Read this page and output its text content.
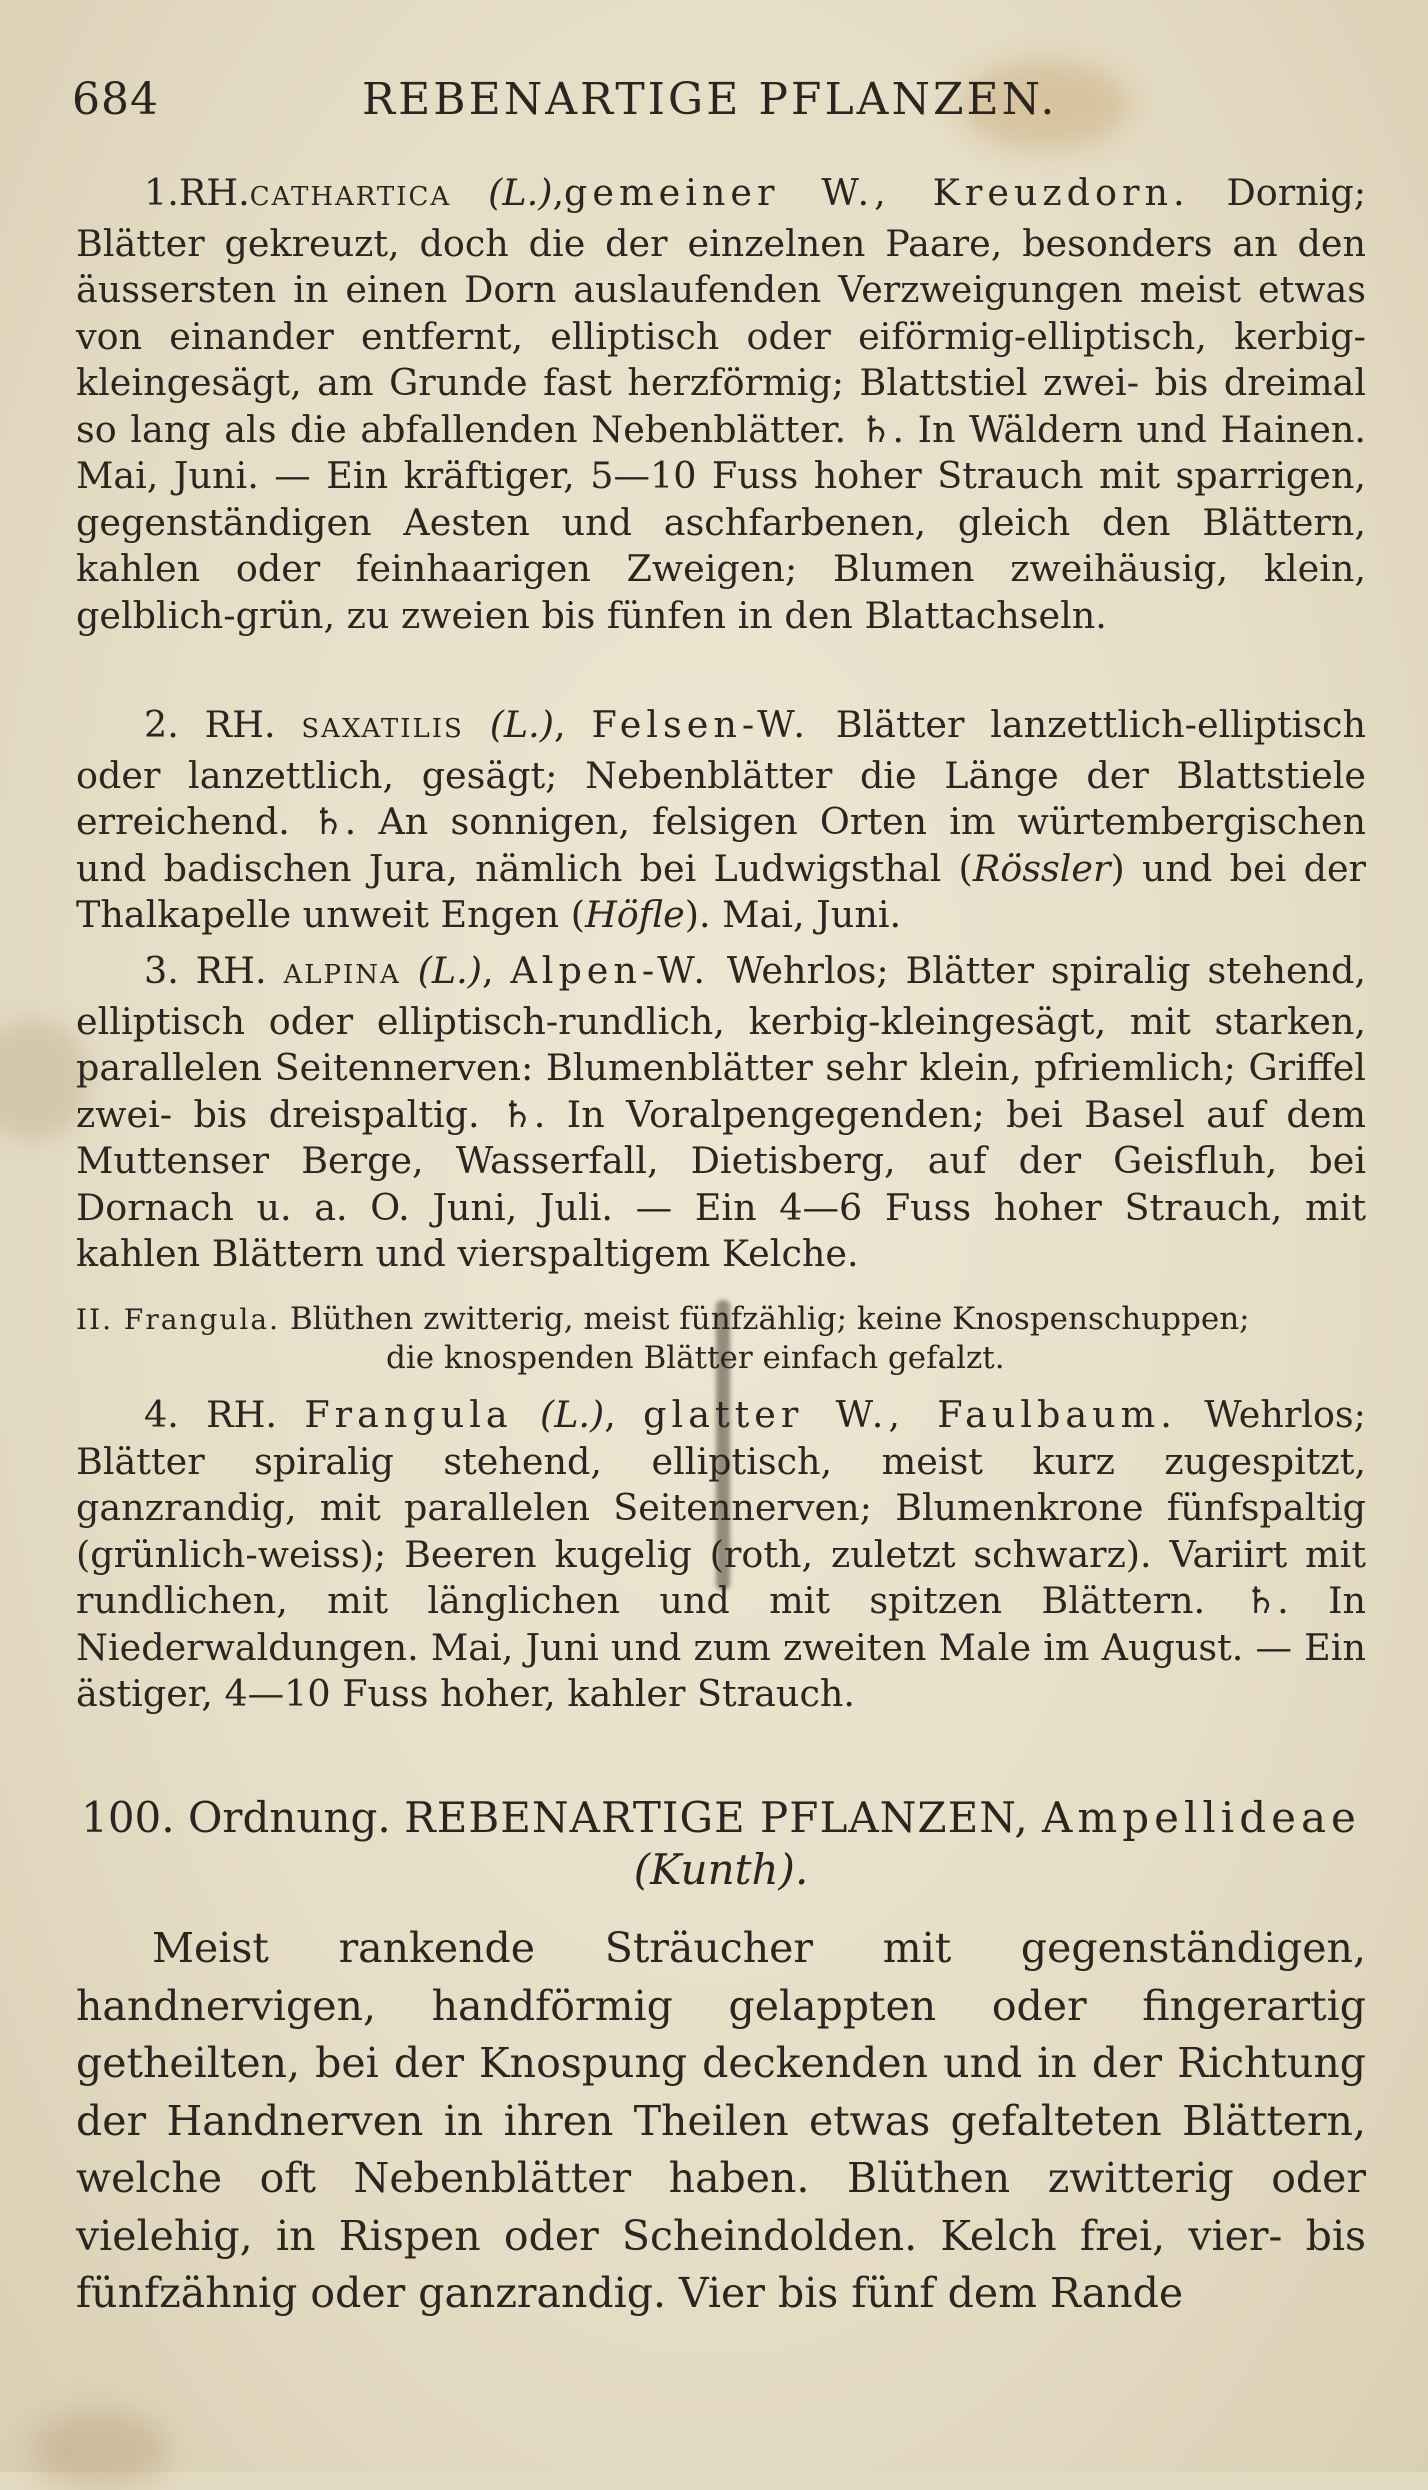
684	REBENARTIGE PFLANZEN.
1.RH.CATHARTICA (L.),gemeiner W., Kreuzdorn. Dornig; Blätter gekreuzt, doch die der einzelnen Paare, besonders an den äussersten in einen Dorn auslaufenden Verzweigungen meist etwas von einander entfernt, elliptisch oder eiförmig-elliptisch, kerbig-kleingesägt, am Grunde fast herzförmig; Blattstiel zwei- bis dreimal so lang als die abfallenden Nebenblätter. ♄. In Wäldern und Hainen. Mai, Juni. — Ein kräftiger, 5—10 Fuss hoher Strauch mit sparrigen, gegenständigen Aesten und aschfarbenen, gleich den Blättern, kahlen oder feinhaarigen Zweigen; Blumen zweihäusig, klein, gelblich-grün, zu zweien bis fünfen in den Blattachseln.
2. RH. SAXATILIS (L.), Felsen-W. Blätter lanzettlich-elliptisch oder lanzettlich, gesägt; Nebenblätter die Länge der Blattstiele erreichend. ♄. An sonnigen, felsigen Orten im würtembergischen und badischen Jura, nämlich bei Ludwigsthal (Rössler) und bei der Thalkapelle unweit Engen (Höfle). Mai, Juni.
3. RH. ALPINA (L.), Alpen-W. Wehrlos; Blätter spiralig stehend, elliptisch oder elliptisch-rundlich, kerbig-kleingesägt, mit starken, parallelen Seitennerven: Blumenblätter sehr klein, pfriemlich; Griffel zwei- bis dreispaltig. ♄. In Voralpengegenden; bei Basel auf dem Muttenser Berge, Wasserfall, Dietisberg, auf der Geisfluh, bei Dornach u. a. O. Juni, Juli. — Ein 4—6 Fuss hoher Strauch, mit kahlen Blättern und vierspaltigem Kelche.
II. Frangula. Blüthen zwitterig, meist fünfzählig; keine Knospenschuppen;
die knospenden Blätter einfach gefalzt.
4. RH. Frangula (L.), glatter W., Faulbaum. Wehrlos; Blätter spiralig stehend, elliptisch, meist kurz zugespitzt, ganzrandig, mit parallelen Seitennerven; Blumenkrone fünfspaltig (grünlich-weiss); Beeren kugelig (roth, zuletzt schwarz). Variirt mit rundlichen, mit länglichen und mit spitzen Blättern. ♄. In Niederwaldungen. Mai, Juni und zum zweiten Male im August. — Ein ästiger, 4—10 Fuss hoher, kahler Strauch.
100. Ordnung. REBENARTIGE PFLANZEN, Ampellideae (Kunth).
Meist rankende Sträucher mit gegenständigen, handnervigen, handförmig gelappten oder fingerartig getheilten, bei der Knospung deckenden und in der Richtung der Handnerven in ihren Theilen etwas gefalteten Blättern, welche oft Nebenblätter haben. Blüthen zwitterig oder vielehig, in Rispen oder Scheindolden. Kelch frei, vier- bis fünfzähnig oder ganzrandig. Vier bis fünf dem Rande
